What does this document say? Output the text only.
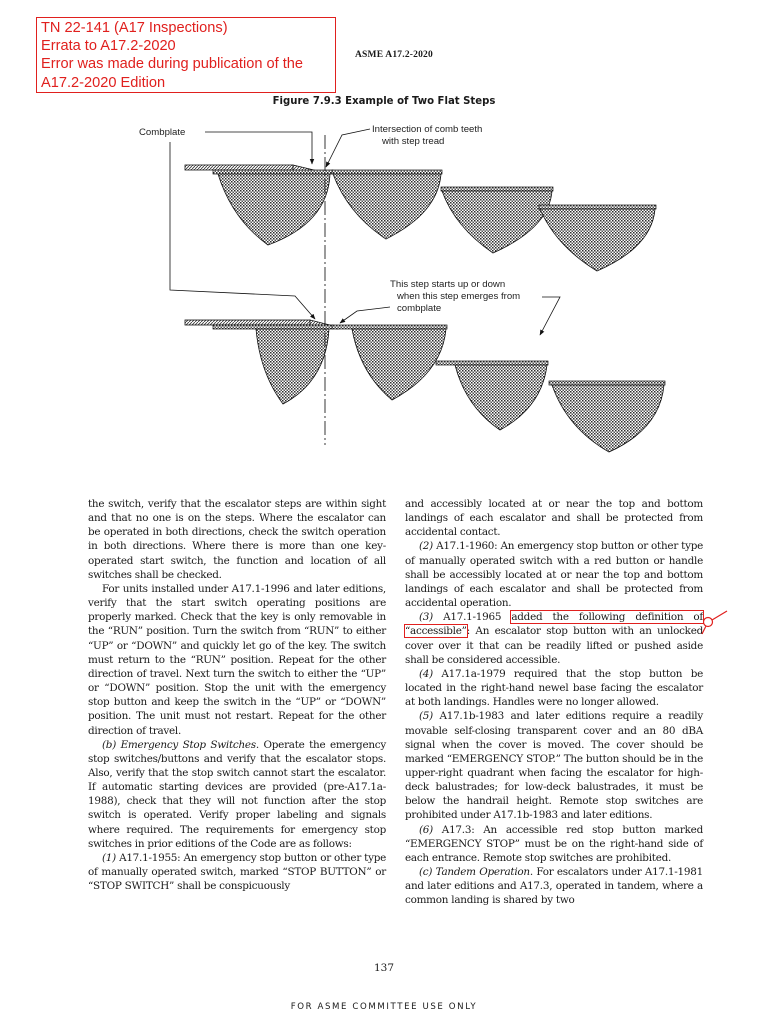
TN 22-141 (A17 Inspections)
Errata to A17.2-2020
Error was made during publication of the
A17.2-2020 Edition
ASME A17.2-2020
Figure 7.9.3 Example of Two Flat Steps
Combplate	Intersection of comb teeth
with step tread
This step starts up or down
when this step emerges from
combplate

the switch, verify that the escalator steps are within sight and that no one is on the steps. Where the escalator can be operated in both directions, check the switch operation in both directions. Where there is more than one key-operated start switch, the function and location of all switches shall be checked.

For units installed under A17.1-1996 and later editions, verify that the start switch operating positions are properly marked. Check that the key is only removable in the “RUN” position. Turn the switch from “RUN” to either “UP” or “DOWN” and quickly let go of the key. The switch must return to the “RUN” position. Repeat for the other direction of travel. Next turn the switch to either the “UP” or “DOWN” position. Stop the unit with the emergency stop button and keep the switch in the “UP” or “DOWN” position. The unit must not restart. Repeat for the other direction of travel.

(b) Emergency Stop Switches. Operate the emergency stop switches/buttons and verify that the escalator stops. Also, verify that the stop switch cannot start the escalator. If automatic starting devices are provided (pre-A17.1a-1988), check that they will not function after the stop switch is operated. Verify proper labeling and signals where required. The requirements for emergency stop switches in prior editions of the Code are as follows:

(1) A17.1-1955: An emergency stop button or other type of manually operated switch, marked “STOP BUTTON” or “STOP SWITCH” shall be conspicuously

and accessibly located at or near the top and bottom landings of each escalator and shall be protected from accidental contact.

(2) A17.1-1960: An emergency stop button or other type of manually operated switch with a red button or handle shall be accessibly located at or near the top and bottom landings of each escalator and shall be protected from accidental operation.

(3) A17.1-1965 added the following definition of “accessible”: An escalator stop button with an unlocked cover over it that can be readily lifted or pushed aside shall be considered accessible.

(4) A17.1a-1979 required that the stop button be located in the right-hand newel base facing the escalator at both landings. Handles were no longer allowed.

(5) A17.1b-1983 and later editions require a readily movable self-closing transparent cover and an 80 dBA signal when the cover is moved. The cover should be marked “EMERGENCY STOP.” The button should be in the upper-right quadrant when facing the escalator for high-deck balustrades; for low-deck balustrades, it must be below the handrail height. Remote stop switches are prohibited under A17.1b-1983 and later editions.

(6) A17.3: An accessible red stop button marked “EMERGENCY STOP” must be on the right-hand side of each entrance. Remote stop switches are prohibited.

(c) Tandem Operation. For escalators under A17.1-1981 and later editions and A17.3, operated in tandem, where a common landing is shared by two

137
FOR ASME COMMITTEE USE ONLY
